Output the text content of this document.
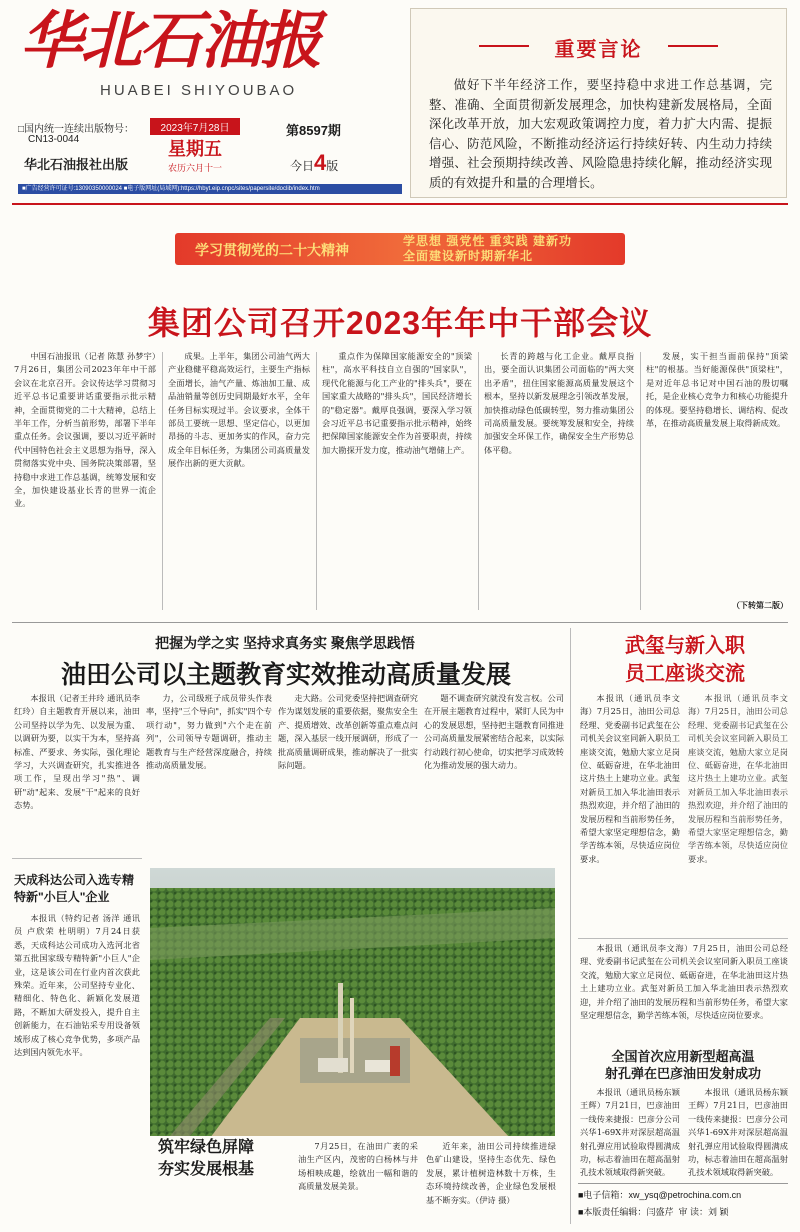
华北石油报
HUABEI SHIYOUBAO
□国内统一连续出版物号：
CN13-0044
华北石油报社出版
2023年7月28日
星期五
农历六月十一
第8597期
今日4版
■广告经营许可证号:13090350000024 ■电子版网址(局域网):https://hbyt.eip.cnpc/sites/papersite/doclib/index.htm
重要言论
做好下半年经济工作，要坚持稳中求进工作总基调，完整、准确、全面贯彻新发展理念，加快构建新发展格局，全面深化改革开放，加大宏观政策调控力度，着力扩大内需、提振信心、防范风险，不断推动经济运行持续好转、内生动力持续增强、社会预期持续改善、风险隐患持续化解，推动经济实现质的有效提升和量的合理增长。
学习贯彻党的二十大精神
学思想 强党性 重实践 建新功
全面建设新时期新华北
集团公司召开2023年年中干部会议

中国石油报讯（记者 陈慧 孙梦宇）7月26日，集团公司2023年年中干部会议在北京召开。会议传达学习贯彻习近平总书记重要讲话重要指示批示精神，全面贯彻党的二十大精神，总结上半年工作，分析当前形势，部署下半年重点任务。会议强调，要以习近平新时代中国特色社会主义思想为指导，深入贯彻落实党中央、国务院决策部署，坚持稳中求进工作总基调，统筹发展和安全，加快建设基业长青的世界一流企业。

成果。上半年，集团公司油气两大产业稳健平稳高效运行，主要生产指标全面增长，油气产量、炼油加工量、成品油销量等创历史同期最好水平，全年任务目标实现过半。会议要求，全体干部员工要统一思想、坚定信心，以更加昂扬的斗志、更加务实的作风，奋力完成全年目标任务，为集团公司高质量发展作出新的更大贡献。

重点作为保障国家能源安全的"顶梁柱"，高水平科技自立自强的"国家队"，现代化能源与化工产业的"排头兵"，要在国家重大战略的"排头兵"，国民经济增长的"稳定器"。戴厚良强调，要深入学习领会习近平总书记重要指示批示精神，始终把保障国家能源安全作为首要职责，持续加大勘探开发力度，推动油气增储上产。

长青的跨越与化工企业。戴厚良指出，要全面认识集团公司面临的"两大突出矛盾"，扭住国家能源高质量发展这个根本，坚持以新发展理念引领改革发展，加快推动绿色低碳转型，努力推动集团公司高质量发展。要统筹发展和安全，持续加强安全环保工作，确保安全生产形势总体平稳。

发展，实干担当面前保持"顶梁柱"的根基。当好能源保供"顶梁柱"，是对近年总书记对中国石油的殷切嘱托，是企业核心竞争力和核心功能提升的体现。要坚持稳增长、调结构、促改革，在推动高质量发展上取得新成效。

（下转第二版）
把握为学之实 坚持求真务实 聚焦学思践悟
油田公司以主题教育实效推动高质量发展

本报讯（记者王井玲 通讯员李红玲）自主题教育开展以来，油田公司坚持以学为先、以发展为重、以调研为要，以实干为本，坚持高标准、严要求、务实际，强化理论学习，大兴调查研究，扎实推进各项工作，呈现出学习"热"、调研"动"起来、发展"干"起来的良好态势。

力，公司级班子成员带头作表率，坚持"三个导向"，抓实"四个专项行动"，努力做到"六个走在前列"，公司领导专题调研，推动主题教育与生产经营深度融合，持续推动高质量发展。

走大路。公司党委坚持把调查研究作为谋划发展的重要依据，聚焦安全生产、提质增效、改革创新等重点难点问题，深入基层一线开展调研，形成了一批高质量调研成果，推动解决了一批实际问题。

题不调查研究就没有发言权。公司在开展主题教育过程中，紧盯人民为中心的发展思想，坚持把主题教育同推进公司高质量发展紧密结合起来，以实际行动践行初心使命，切实把学习成效转化为推动发展的强大动力。

武玺与新入职
员工座谈交流

本报讯（通讯员李文海）7月25日，油田公司总经理、党委副书记武玺在公司机关会议室同新入职员工座谈交流，勉励大家立足岗位、砥砺奋进，在华北油田这片热土上建功立业。武玺对新员工加入华北油田表示热烈欢迎，并介绍了油田的发展历程和当前形势任务，希望大家坚定理想信念，勤学苦练本领，尽快适应岗位要求。

本报讯（通讯员李文海）7月25日，油田公司总经理、党委副书记武玺在公司机关会议室同新入职员工座谈交流，勉励大家立足岗位、砥砺奋进，在华北油田这片热土上建功立业。武玺对新员工加入华北油田表示热烈欢迎，并介绍了油田的发展历程和当前形势任务，希望大家坚定理想信念，勤学苦练本领，尽快适应岗位要求。

全国首次应用新型超高温
射孔弹在巴彦油田发射成功

本报讯（通讯员杨东颖 王辉）7月21日，巴彦油田一线传来捷报：巴彦分公司兴华1-69X井对深层超高温射孔弹应用试验取得圆满成功，标志着油田在超高温射孔技术领域取得新突破。

本报讯（通讯员杨东颖 王辉）7月21日，巴彦油田一线传来捷报：巴彦分公司兴华1-69X井对深层超高温射孔弹应用试验取得圆满成功，标志着油田在超高温射孔技术领域取得新突破。

本报讯（通讯员李文海）7月25日，油田公司总经理、党委副书记武玺在公司机关会议室同新入职员工座谈交流，勉励大家立足岗位、砥砺奋进，在华北油田这片热土上建功立业。武玺对新员工加入华北油田表示热烈欢迎，并介绍了油田的发展历程和当前形势任务，希望大家坚定理想信念，勤学苦练本领，尽快适应岗位要求。

天成科达公司入选专精特新"小巨人"企业

本报讯（特约记者 汤洋 通讯员 卢欣荣 杜明明）7月24日获悉，天成科达公司成功入选河北省第五批国家级专精特新"小巨人"企业，这是该公司在行业内首次获此殊荣。近年来，公司坚持专业化、精细化、特色化、新颖化发展道路，不断加大研发投入，提升自主创新能力，在石油钻采专用设备领域形成了核心竞争优势，多项产品达到国内领先水平。

筑牢绿色屏障
夯实发展根基

7月25日，在油田广袤的采油生产区内，茂密的白杨林与井场相映成趣，绘就出一幅和谐的高质量发展美景。

近年来，油田公司持续推进绿色矿山建设，坚持生态优先、绿色发展，累计植树造林数十万株，生态环境持续改善，企业绿色发展根基不断夯实。（伊诗 摄）	■电子信箱：xw_ysq@petrochina.com.cn
■本版责任编辑：闫盛芹 审 读：刘 颖
